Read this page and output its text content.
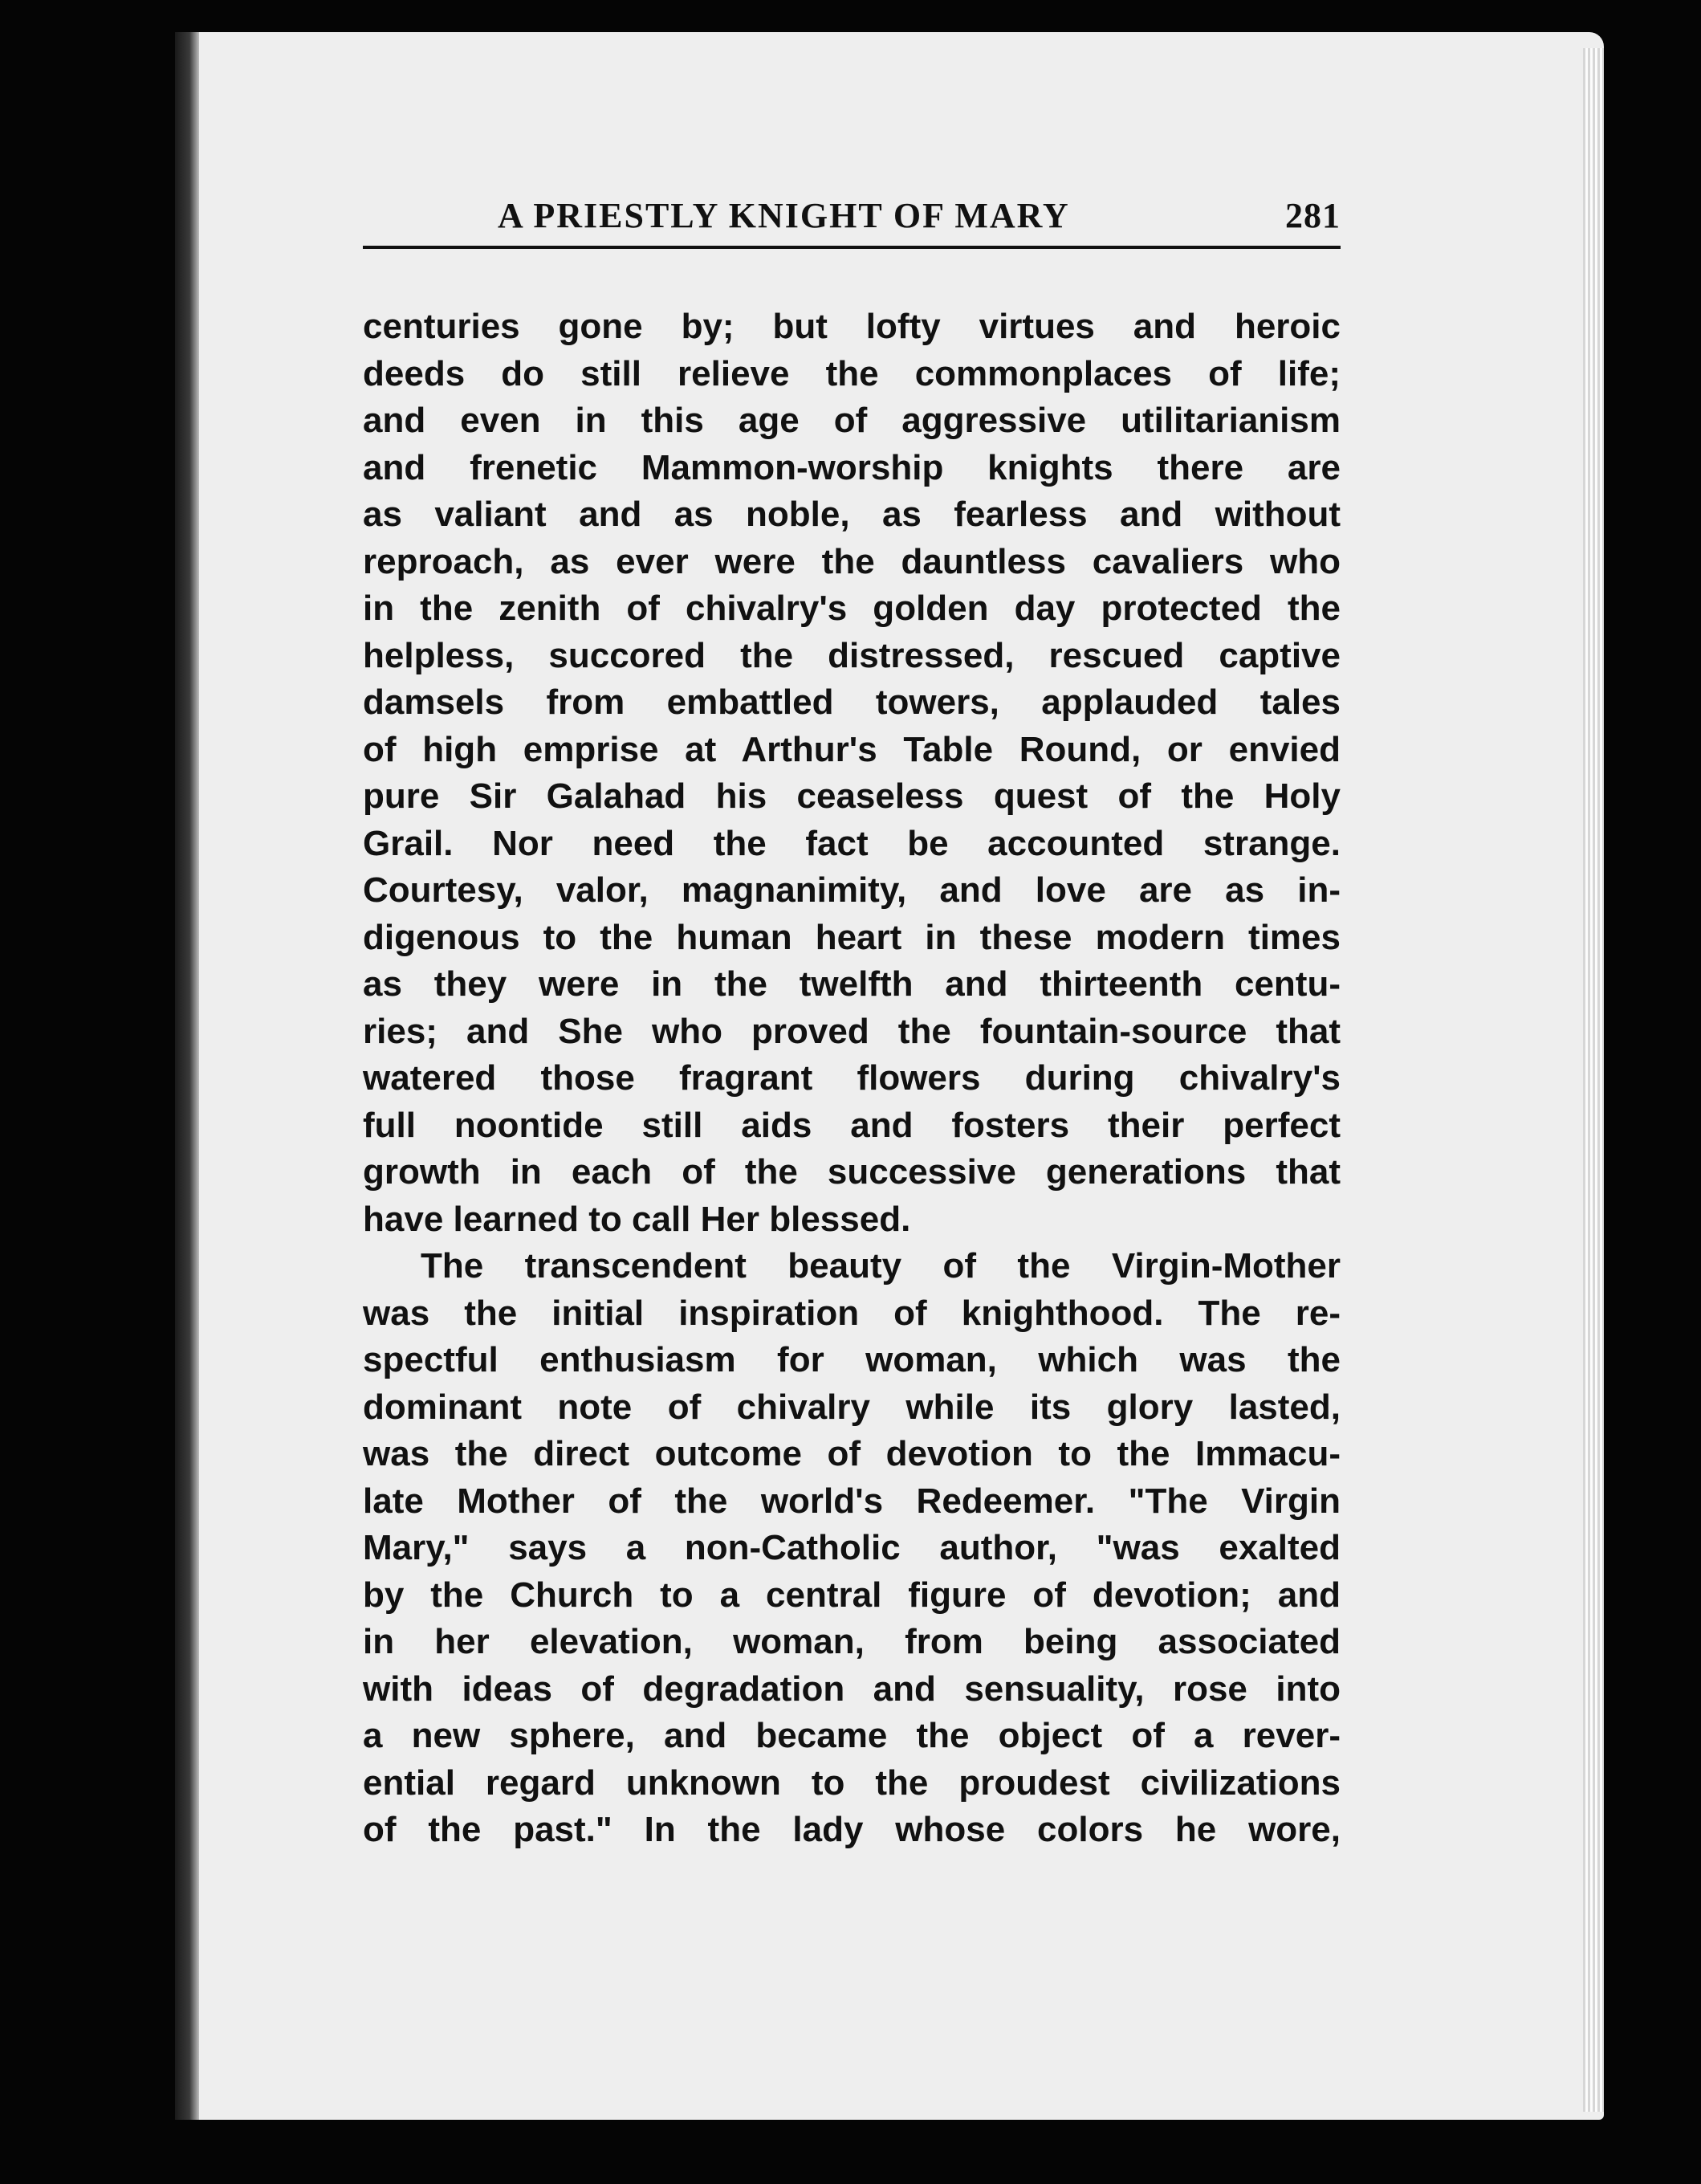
A PRIESTLY KNIGHT OF MARY	281
centuries gone by; but lofty virtues and heroic
deeds do still relieve the commonplaces of life;
and even in this age of aggressive utilitarianism
and frenetic Mammon-worship knights there are
as valiant and as noble, as fearless and without
reproach, as ever were the dauntless cavaliers who
in the zenith of chivalry's golden day protected the
helpless, succored the distressed, rescued captive
damsels from embattled towers, applauded tales
of high emprise at Arthur's Table Round, or envied
pure Sir Galahad his ceaseless quest of the Holy
Grail. Nor need the fact be accounted strange.
Courtesy, valor, magnanimity, and love are as in-
digenous to the human heart in these modern times
as they were in the twelfth and thirteenth centu-
ries; and She who proved the fountain-source that
watered those fragrant flowers during chivalry's
full noontide still aids and fosters their perfect
growth in each of the successive generations that
have learned to call Her blessed.
The transcendent beauty of the Virgin-Mother
was the initial inspiration of knighthood. The re-
spectful enthusiasm for woman, which was the
dominant note of chivalry while its glory lasted,
was the direct outcome of devotion to the Immacu-
late Mother of the world's Redeemer. "The Virgin
Mary," says a non-Catholic author, "was exalted
by the Church to a central figure of devotion; and
in her elevation, woman, from being associated
with ideas of degradation and sensuality, rose into
a new sphere, and became the object of a rever-
ential regard unknown to the proudest civilizations
of the past." In the lady whose colors he wore,
